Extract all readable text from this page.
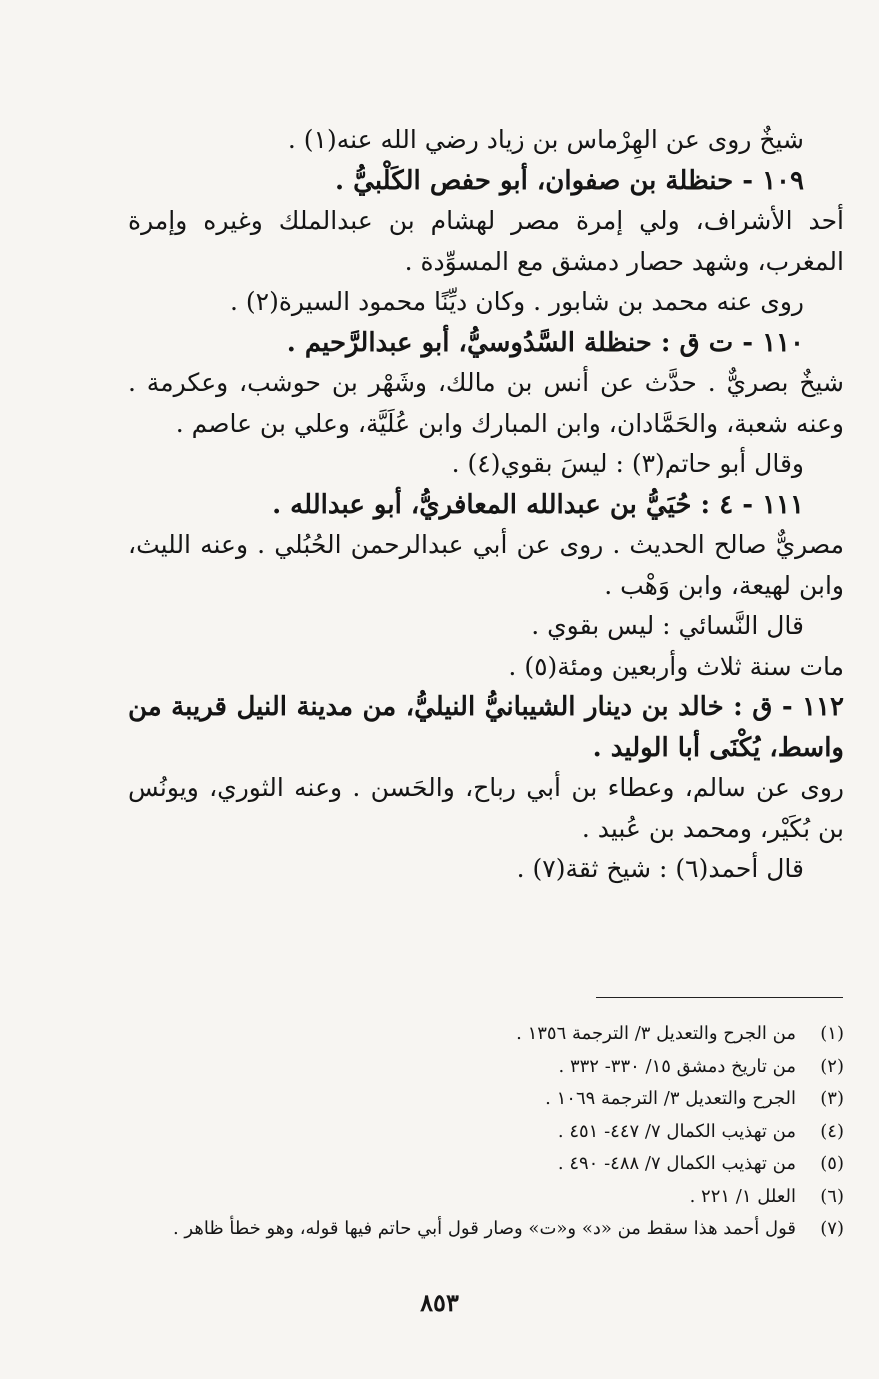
شيخٌ روى عن الهِرْماس بن زياد رضي الله عنه(١) .

١٠٩ - حنظلة بن صفوان، أبو حفص الكَلْبيُّ .

أحد الأشراف، ولي إمرة مصر لهشام بن عبدالملك وغيره وإمرة المغرب، وشهد حصار دمشق مع المسوِّدة .

روى عنه محمد بن شابور . وكان ديِّنًا محمود السيرة(٢) .

١١٠ - ت ق : حنظلة السَّدُوسيُّ، أبو عبدالرَّحيم .

شيخٌ بصريٌّ . حدَّث عن أنس بن مالك، وشَهْر بن حوشب، وعكرمة . وعنه شعبة، والحَمَّادان، وابن المبارك وابن عُلَيَّة، وعلي بن عاصم .

وقال أبو حاتم(٣) : ليسَ بقوي(٤) .

١١١ - ٤ : حُيَيُّ بن عبدالله المعافريُّ، أبو عبدالله .

مصريٌّ صالح الحديث . روى عن أبي عبدالرحمن الحُبُلي . وعنه الليث، وابن لهيعة، وابن وَهْب .

قال النَّسائي : ليس بقوي .

مات سنة ثلاث وأربعين ومئة(٥) .

١١٢ - ق : خالد بن دينار الشيبانيُّ النيليُّ، من مدينة النيل قريبة من واسط، يُكْنَى أبا الوليد .

روى عن سالم، وعطاء بن أبي رباح، والحَسن . وعنه الثوري، ويونُس بن بُكَيْر، ومحمد بن عُبيد .

قال أحمد(٦) : شيخ ثقة(٧) .

(١)من الجرح والتعديل ٣/ الترجمة ١٣٥٦ .

(٢)من تاريخ دمشق ١٥/ ٣٣٠- ٣٣٢ .

(٣)الجرح والتعديل ٣/ الترجمة ١٠٦٩ .

(٤)من تهذيب الكمال ٧/ ٤٤٧- ٤٥١ .

(٥)من تهذيب الكمال ٧/ ٤٨٨- ٤٩٠ .

(٦)العلل ١/ ٢٢١ .

(٧)قول أحمد هذا سقط من «د» و«ت» وصار قول أبي حاتم فيها قوله، وهو خطأ ظاهر .

٨٥٣
